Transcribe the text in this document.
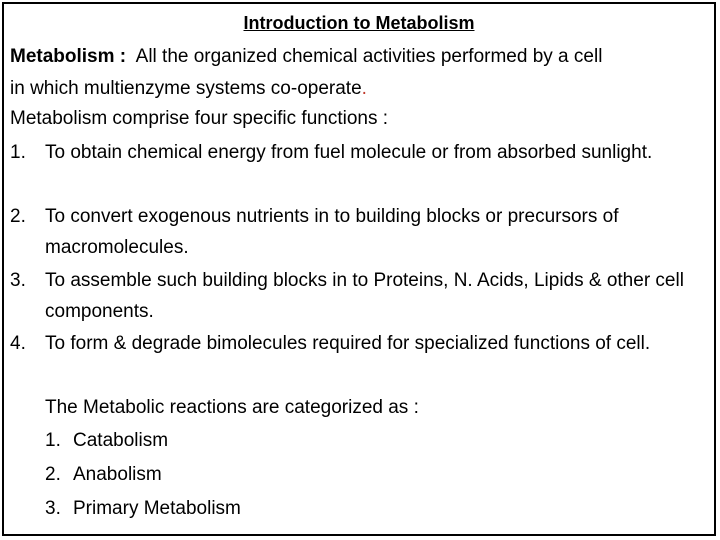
Introduction to Metabolism
Metabolism : All the organized chemical activities performed by a cell
in which multienzyme systems co-operate.
Metabolism comprise four specific functions :
1. To obtain chemical energy from fuel molecule or from absorbed sunlight.
2. To convert exogenous nutrients in to building blocks or precursors of macromolecules.
3. To assemble such building blocks in to Proteins, N. Acids, Lipids & other cell components.
4. To form & degrade bimolecules required for specialized functions of cell.
The Metabolic reactions are categorized as :
1. Catabolism
2. Anabolism
3. Primary Metabolism
